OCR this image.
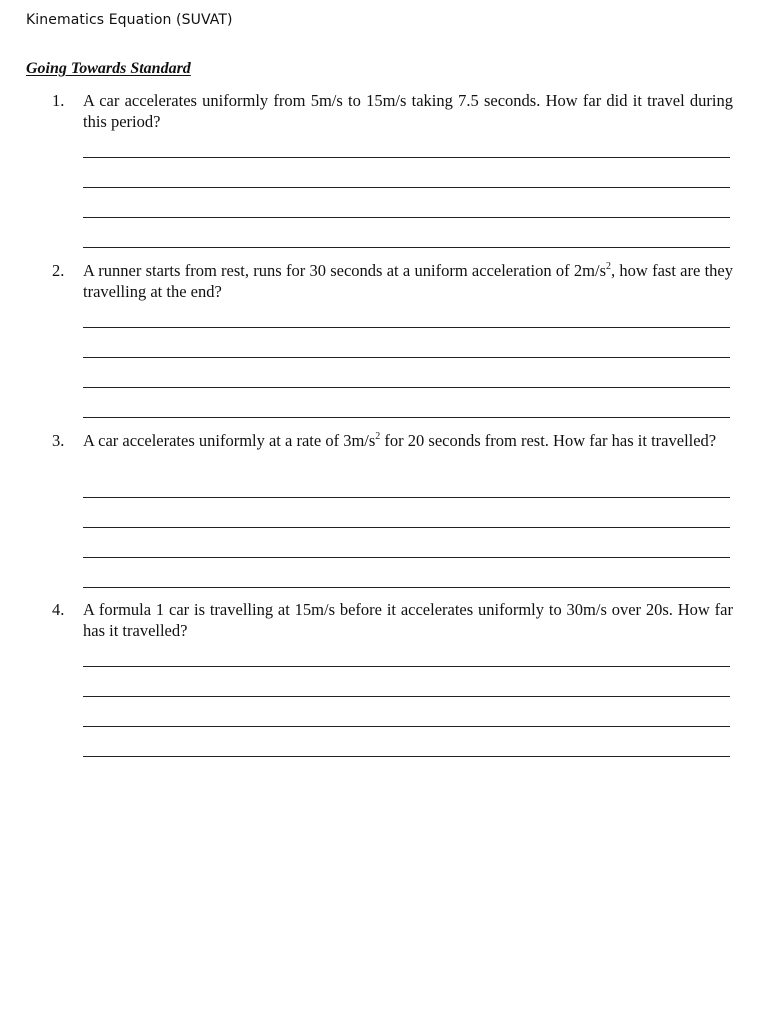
Kinematics Equation (SUVAT)
Going Towards Standard
1.	A car accelerates uniformly from 5m/s to 15m/s taking 7.5 seconds. How far did it travel during this period?
2.	A runner starts from rest, runs for 30 seconds at a uniform acceleration of $2m/s^2$, how fast are they travelling at the end?
3.	A car accelerates uniformly at a rate of $3m/s^2$ for 20 seconds from rest. How far has it travelled?
4.	A formula 1 car is travelling at 15m/s before it accelerates uniformly to 30m/s over 20s. How far has it travelled?
